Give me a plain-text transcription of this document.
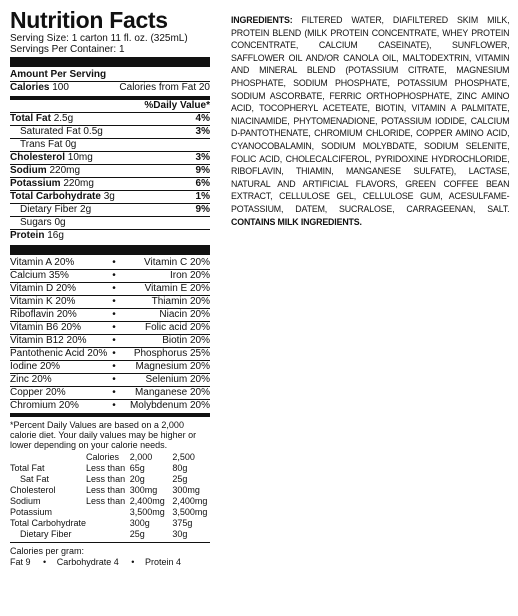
Nutrition Facts
Serving Size: 1 carton 11 fl. oz. (325mL)
Servings Per Container: 1
Amount Per Serving
Calories 100	Calories from Fat 20
%Daily Value*
Total Fat 2.5g	4%
Saturated Fat 0.5g	3%
Trans Fat 0g
Cholesterol 10mg	3%
Sodium 220mg	9%
Potassium 220mg	6%
Total Carbohydrate 3g	1%
Dietary Fiber 2g	9%
Sugars 0g
Protein 16g
Vitamin A 20%	•	Vitamin C 20%
Calcium 35%	•	Iron 20%
Vitamin D 20%	•	Vitamin E 20%
Vitamin K 20%	•	Thiamin 20%
Riboflavin 20%	•	Niacin 20%
Vitamin B6 20%	•	Folic acid 20%
Vitamin B12 20%	•	Biotin 20%
Pantothenic Acid 20% •	Phosphorus 25%
Iodine 20%	•	Magnesium 20%
Zinc 20%	•	Selenium 20%
Copper 20%	•	Manganese 20%
Chromium 20%	•	Molybdenum 20%
*Percent Daily Values are based on a 2,000 calorie diet. Your daily values may be higher or lower depending on your calorie needs.
	Calories	2,000	2,500
Total Fat	Less than	65g	80g
Sat Fat	Less than	20g	25g
Cholesterol	Less than	300mg	300mg
Sodium	Less than	2,400mg	2,400mg
Potassium		3,500mg	3,500mg
Total Carbohydrate		300g	375g
Dietary Fiber		25g	30g
Calories per gram:
Fat 9 • Carbohydrate 4 • Protein 4
INGREDIENTS: FILTERED WATER, DIAFILTERED SKIM MILK, PROTEIN BLEND (MILK PROTEIN CONCENTRATE, WHEY PROTEIN CONCENTRATE, CALCIUM CASEINATE), SUNFLOWER, SAFFLOWER OIL AND/OR CANOLA OIL, MALTODEXTRIN, VITAMIN AND MINERAL BLEND (POTASSIUM CITRATE, MAGNESIUM PHOSPHATE, SODIUM PHOSPHATE, POTASSIUM PHOSPHATE, SODIUM ASCORBATE, FERRIC ORTHOPHOSPHATE, ZINC AMINO ACID, TOCOPHERYL ACETEATE, BIOTIN, VITAMIN A PALMITATE, NIACINAMIDE, PHYTOMENADIONE, POTASSIUM IODIDE, CALCIUM D-PANTOTHENATE, CHROMIUM CHLORIDE, COPPER AMINO ACID, CYANOCOBALAMIN, SODIUM MOLYBDATE, SODIUM SELENITE, FOLIC ACID, CHOLECALCIFEROL, PYRIDOXINE HYDROCHLORIDE, RIBOFLAVIN, THIAMIN, MANGANESE SULFATE), LACTASE, NATURAL AND ARTIFICIAL FLAVORS, GREEN COFFEE BEAN EXTRACT, CELLULOSE GEL, CELLULOSE GUM, ACESULFAME-POTASSIUM, DATEM, SUCRALOSE, CARRAGEENAN, SALT. CONTAINS MILK INGREDIENTS.
